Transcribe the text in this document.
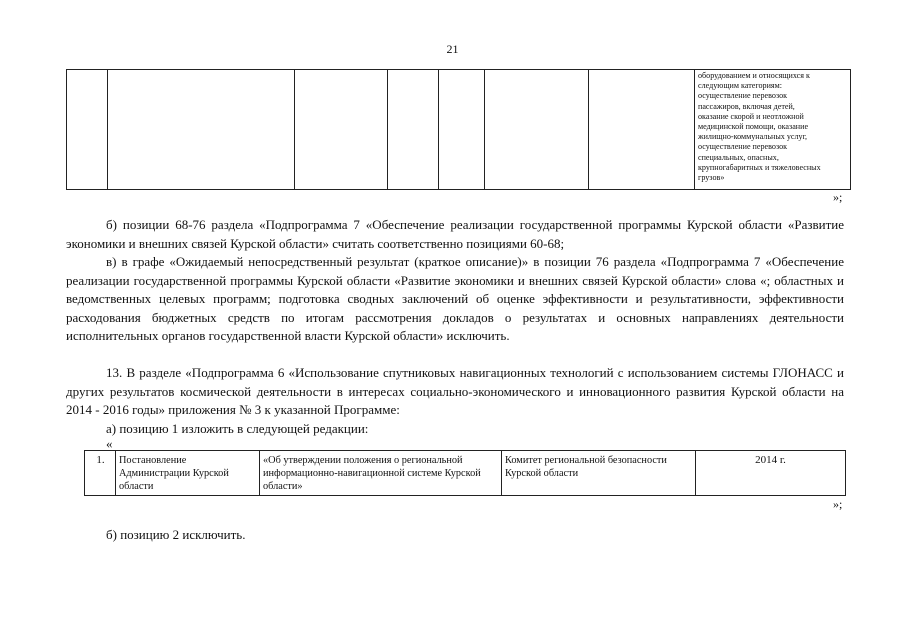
21
оборудованием и относящихся к
следующим категориям:
осуществление перевозок
пассажиров, включая детей,
оказание скорой и неотложной
медицинской помощи, оказание
жилищно-коммунальных услуг,
осуществление перевозок
специальных, опасных,
крупногабаритных и тяжеловесных
грузов»
»;

б) позиции 68-76 раздела «Подпрограмма 7 «Обеспечение реализации государственной программы Курской области «Развитие экономики и внешних связей Курской области» считать соответственно позициями 60-68;

в) в графе «Ожидаемый непосредственный результат (краткое описание)» в позиции 76 раздела «Подпрограмма 7 «Обеспечение реализации государственной программы Курской области «Развитие экономики и внешних связей Курской области» слова «; областных и ведомственных целевых программ; подготовка сводных заключений об оценке эффективности и результативности, эффективности расходования бюджетных средств по итогам рассмотрения докладов о результатах и основных направлениях деятельности исполнительных органов государственной власти Курской области» исключить.

13. В разделе «Подпрограмма 6 «Использование спутниковых навигационных технологий с использованием системы ГЛОНАСС и других результатов космической деятельности в интересах социально-экономического и инновационного развития Курской области на 2014 - 2016 годы» приложения № 3 к указанной Программе:

а) позицию 1 изложить в следующей редакции:

«
1.	Постановление Администрации Курской области
«Об утверждении положения о региональной информационно-навигационной системе Курской области»
Комитет региональной безопасности Курской области
2014 г.
»;

б) позицию 2 исключить.
